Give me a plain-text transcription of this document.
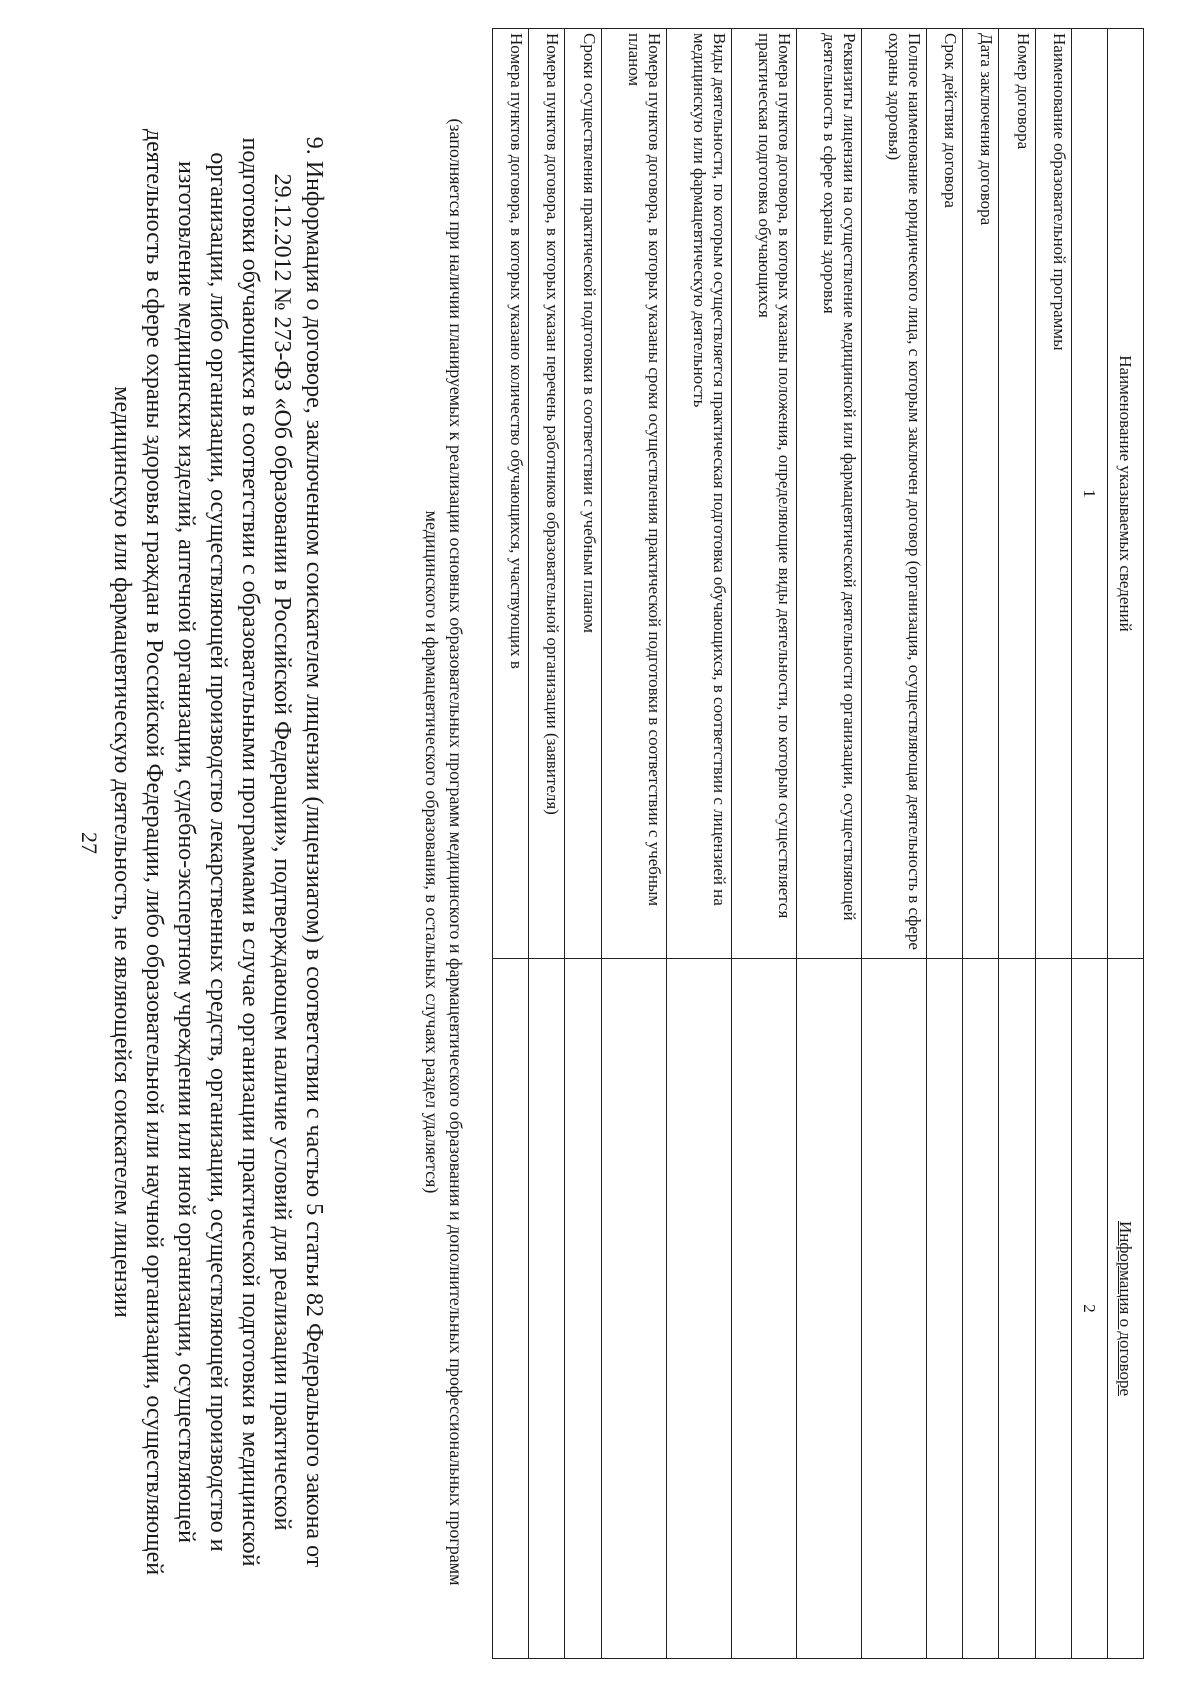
27	9. Информация о договоре, заключенном соискателем лицензии (лицензиатом) в соответствии с частью 5 статьи 82 Федерального закона от 29.12.2012 № 273-ФЗ «Об образовании в Российской Федерации», подтверждающем наличие условий для реализации практической подготовки обучающихся в соответствии с образовательными программами в случае организации практической подготовки в медицинской организации, либо организации, осуществляющей производство лекарственных средств, организации, осуществляющей производство и изготовление медицинских изделий, аптечной организации, судебно-экспертном учреждении или иной организации, осуществляющей деятельность в сфере охраны здоровья граждан в Российской Федерации, либо образовательной или научной организации, осуществляющей медицинскую или фармацевтическую деятельность, не являющейся соискателем лицензии	(заполняется при наличии планируемых к реализации основных образовательных программ медицинского и фармацевтического образования и дополнительных профессиональных программ медицинского и фармацевтического образования, в остальных случаях раздел удаляется)
Наименование указываемых сведений	Информация о договоре
1	2
Наименование образовательной программы	
Номер договора	
Дата заключения договора	
Срок действия договора	
Полное наименование юридического лица, с которым заключен договор (организация, осуществляющая деятельность в сфере охраны здоровья)	
Реквизиты лицензии на осуществление медицинской или фармацевтической деятельности организации, осуществляющей деятельность в сфере охраны здоровья	
Номера пунктов договора, в которых указаны положения, определяющие виды деятельности, по которым осуществляется практическая подготовка обучающихся	
Виды деятельности, по которым осуществляется практическая подготовка обучающихся, в соответствии с лицензией на медицинскую или фармацевтическую деятельность	
Номера пунктов договора, в которых указаны сроки осуществления практической подготовки в соответствии с учебным планом	
Сроки осуществления практической подготовки в соответствии с учебным планом	
Номера пунктов договора, в которых указан перечень работников образовательной организации (заявителя)	
Номера пунктов договора, в которых указано количество обучающихся, участвующих в	
